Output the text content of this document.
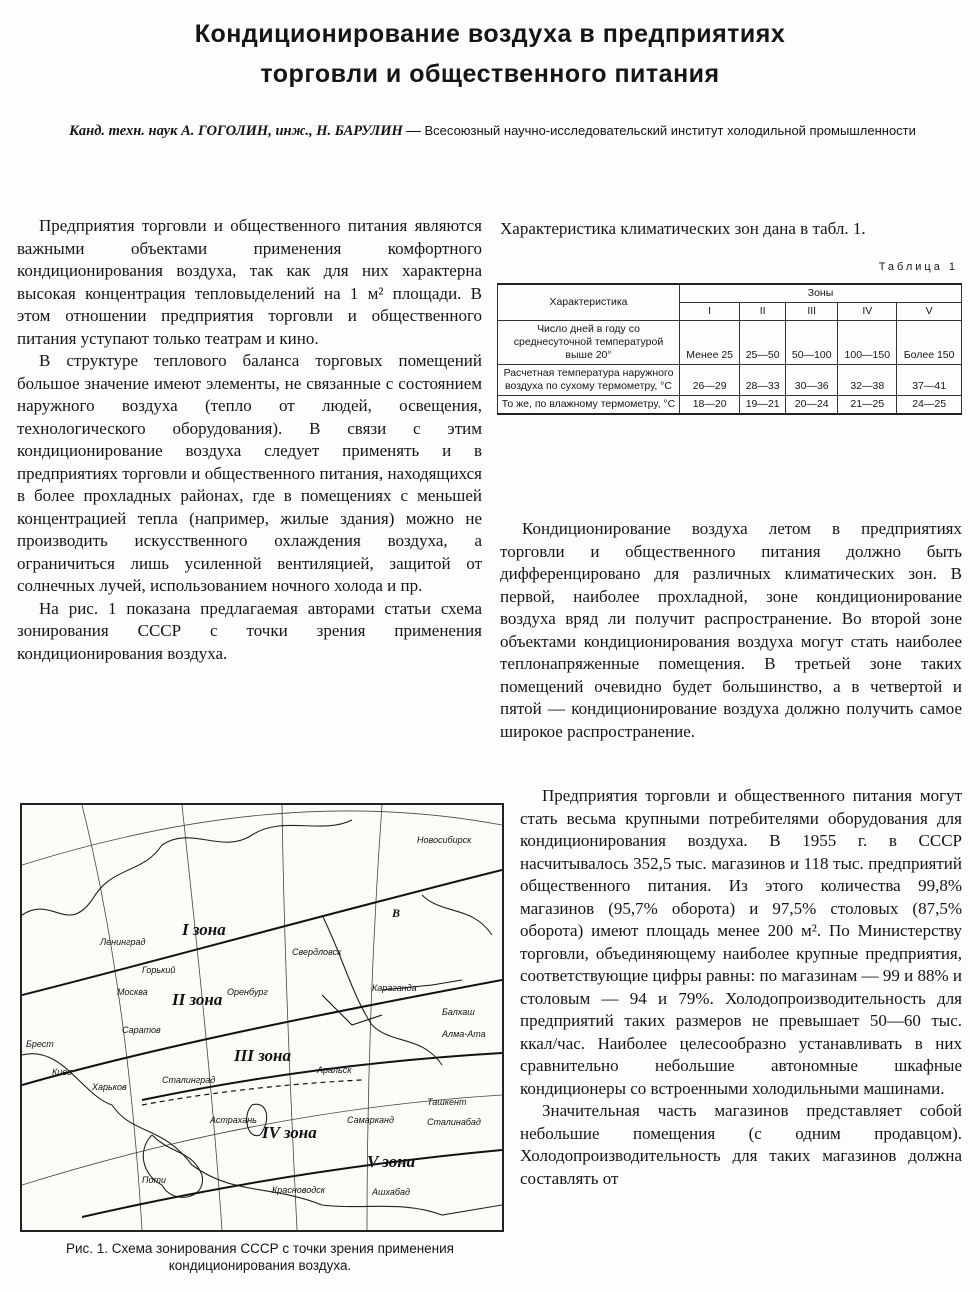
Кондиционирование воздуха в предприятиях
торговли и общественного питания
Канд. техн. наук А. ГОГОЛИН, инж., Н. БАРУЛИН — Всесоюзный научно-исследовательский институт холодильной промышленности

Предприятия торговли и общественного питания являются важными объектами применения комфортного кондиционирования воздуха, так как для них характерна высокая концентрация тепловыделений на 1 м² площади. В этом отношении предприятия торговли и общественного питания уступают только театрам и кино.

В структуре теплового баланса торговых помещений большое значение имеют элементы, не связанные с состоянием наружного воздуха (тепло от людей, освещения, технологического оборудования). В связи с этим кондиционирование воздуха следует применять и в предприятиях торговли и общественного питания, находящихся в более прохладных районах, где в помещениях с меньшей концентрацией тепла (например, жилые здания) можно не производить искусственного охлаждения воздуха, а ограничиться лишь усиленной вентиляцией, защитой от солнечных лучей, использованием ночного холода и пр.

На рис. 1 показана предлагаемая авторами статьи схема зонирования СССР с точки зрения применения кондиционирования воздуха.

Характеристика климатических зон дана в табл. 1.
Таблица 1
Характеристика	Зоны				
	I	II	III	IV	V
Число дней в году со среднесуточной температурой выше 20°	Менее 25	25—50	50—100	100—150	Более 150
Расчетная температура наружного воздуха по сухому термометру, °С	26—29	28—33	30—36	32—38	37—41
То же, по влажному термометру, °С	18—20	19—21	20—24	21—25	24—25

Кондиционирование воздуха летом в предприятиях торговли и общественного питания должно быть дифференцировано для различных климатических зон. В первой, наиболее прохладной, зоне кондиционирование воздуха вряд ли получит распространение. Во второй зоне объектами кондиционирования воздуха могут стать наиболее теплонапряженные помещения. В третьей зоне таких помещений очевидно будет большинство, а в четвертой и пятой — кондиционирование воздуха должно получить самое широкое распространение.

Предприятия торговли и общественного питания могут стать весьма крупными потребителями оборудования для кондиционирования воздуха. В 1955 г. в СССР насчитывалось 352,5 тыс. магазинов и 118 тыс. предприятий общественного питания. Из этого количества 99,8% магазинов (95,7% оборота) и 97,5% столовых (87,5% оборота) имеют площадь менее 200 м². По Министерству торговли, объединяющему наиболее крупные предприятия, соответствующие цифры равны: по магазинам — 99 и 88% и столовым — 94 и 79%. Холодопроизводительность для предприятий таких размеров не превышает 50—60 тыс. ккал/час. Наиболее целесообразно устанавливать в них сравнительно небольшие автономные шкафные кондиционеры со встроенными холодильными машинами.

Значительная часть магазинов представляет собой небольшие помещения (с одним продавцом). Холодопроизводительность для таких магазинов должна составлять от

I зона
II зона
III зона
IV зона
V зона
Новосибирск
Ленинград
Горький
Свердловск
Москва	Караганда
Оренбург
Брест
Саратов
Балхаш
Алма-Ата
Киев
Харьков
Сталинград
Аральск
Ташкент
Астрахань	Самарканд	Сталинабад
Поти
Красноводск	Ашхабад
В
Рис. 1. Схема зонирования СССР с точки зрения применения кондиционирования воздуха.
